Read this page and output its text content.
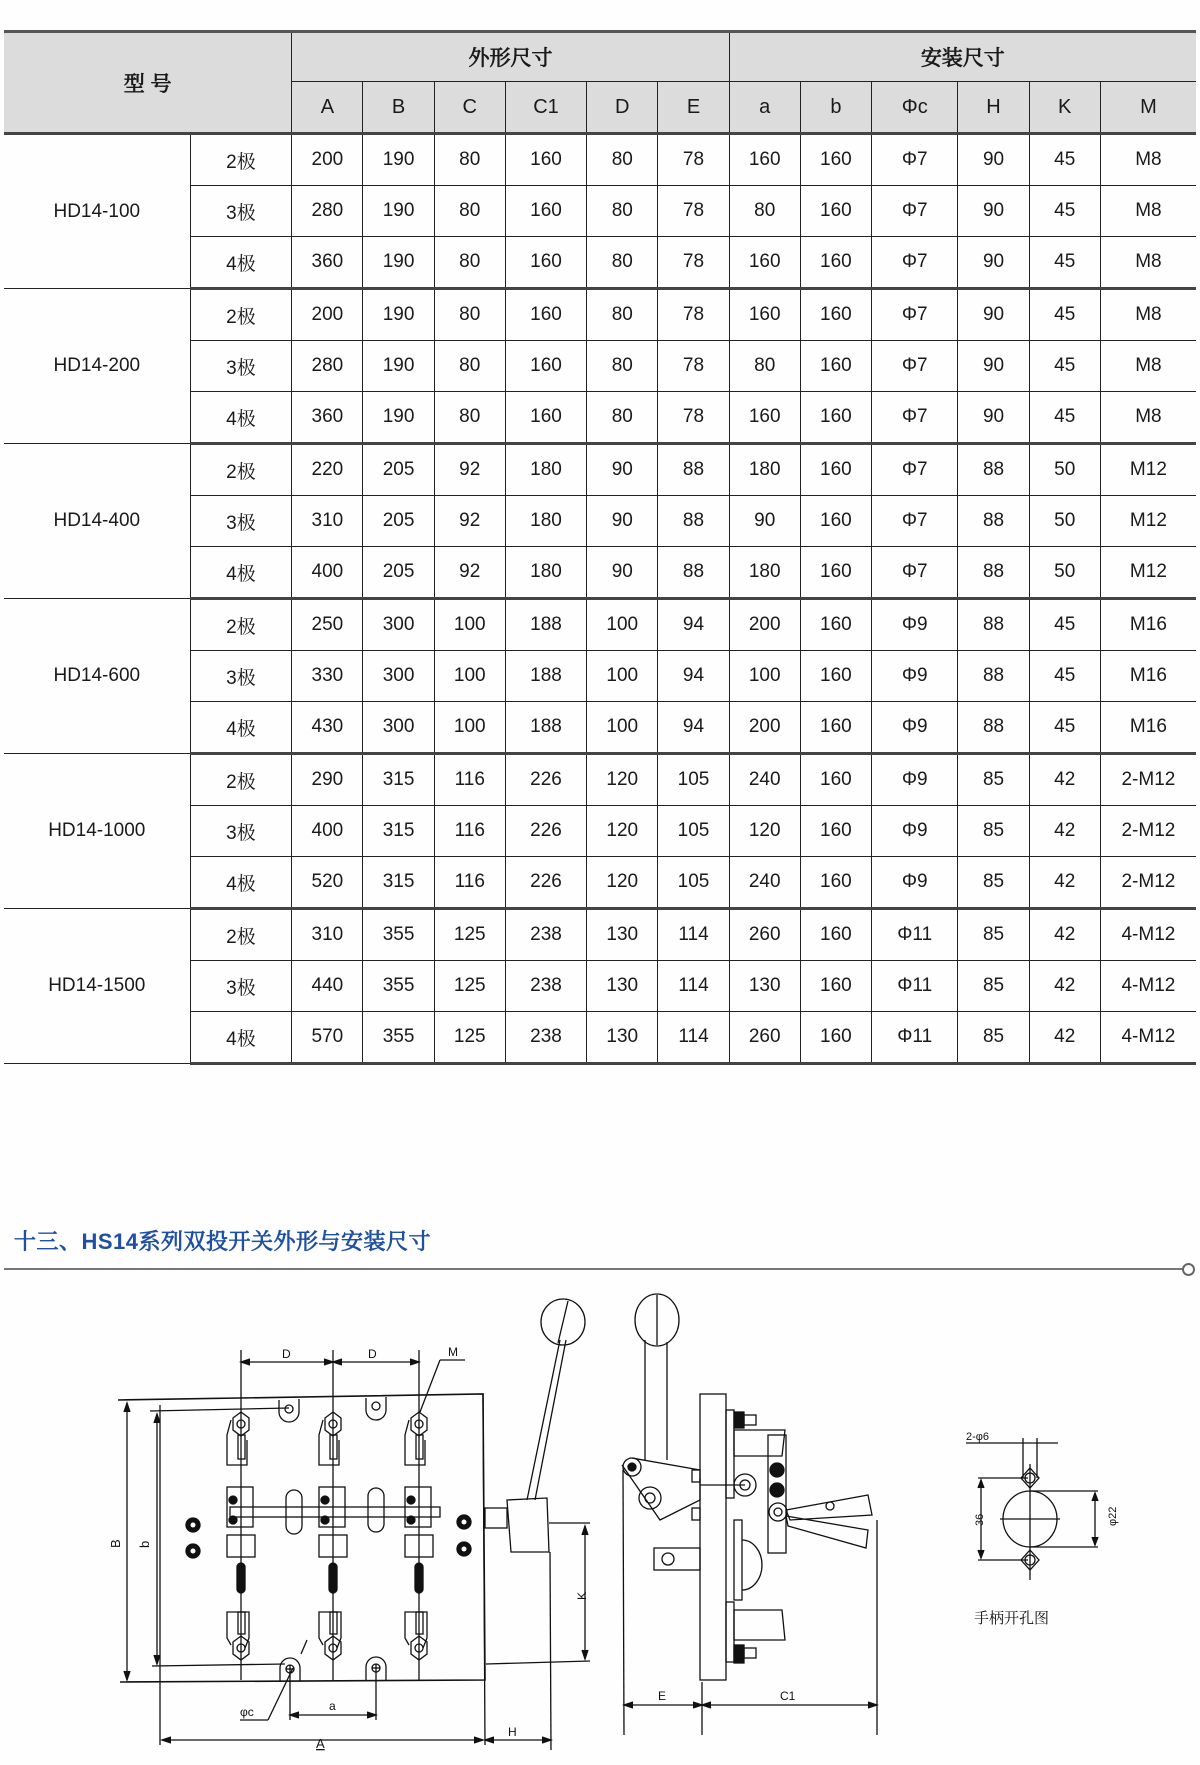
型 号		外形尺寸						安装尺寸					
		A	B	C	C1	D	E	a	b	Φc	H	K	M
HD14-100	2极	200	190	80	160	80	78	160	160	Φ7	90	45	M8
	3极	280	190	80	160	80	78	80	160	Φ7	90	45	M8
	4极	360	190	80	160	80	78	160	160	Φ7	90	45	M8
HD14-200	2极	200	190	80	160	80	78	160	160	Φ7	90	45	M8
	3极	280	190	80	160	80	78	80	160	Φ7	90	45	M8
	4极	360	190	80	160	80	78	160	160	Φ7	90	45	M8
HD14-400	2极	220	205	92	180	90	88	180	160	Φ7	88	50	M12
	3极	310	205	92	180	90	88	90	160	Φ7	88	50	M12
	4极	400	205	92	180	90	88	180	160	Φ7	88	50	M12
HD14-600	2极	250	300	100	188	100	94	200	160	Φ9	88	45	M16
	3极	330	300	100	188	100	94	100	160	Φ9	88	45	M16
	4极	430	300	100	188	100	94	200	160	Φ9	88	45	M16
HD14-1000	2极	290	315	116	226	120	105	240	160	Φ9	85	42	2-M12
	3极	400	315	116	226	120	105	120	160	Φ9	85	42	2-M12
	4极	520	315	116	226	120	105	240	160	Φ9	85	42	2-M12
HD14-1500	2极	310	355	125	238	130	114	260	160	Φ11	85	42	4-M12
	3极	440	355	125	238	130	114	130	160	Φ11	85	42	4-M12
	4极	570	355	125	238	130	114	260	160	Φ11	85	42	4-M12
十三、HS14系列双投开关外形与安装尺寸
B b
D	D	M
K
φc	a
A
H
E	C1
2-φ6
36	φ22
手柄开孔图
